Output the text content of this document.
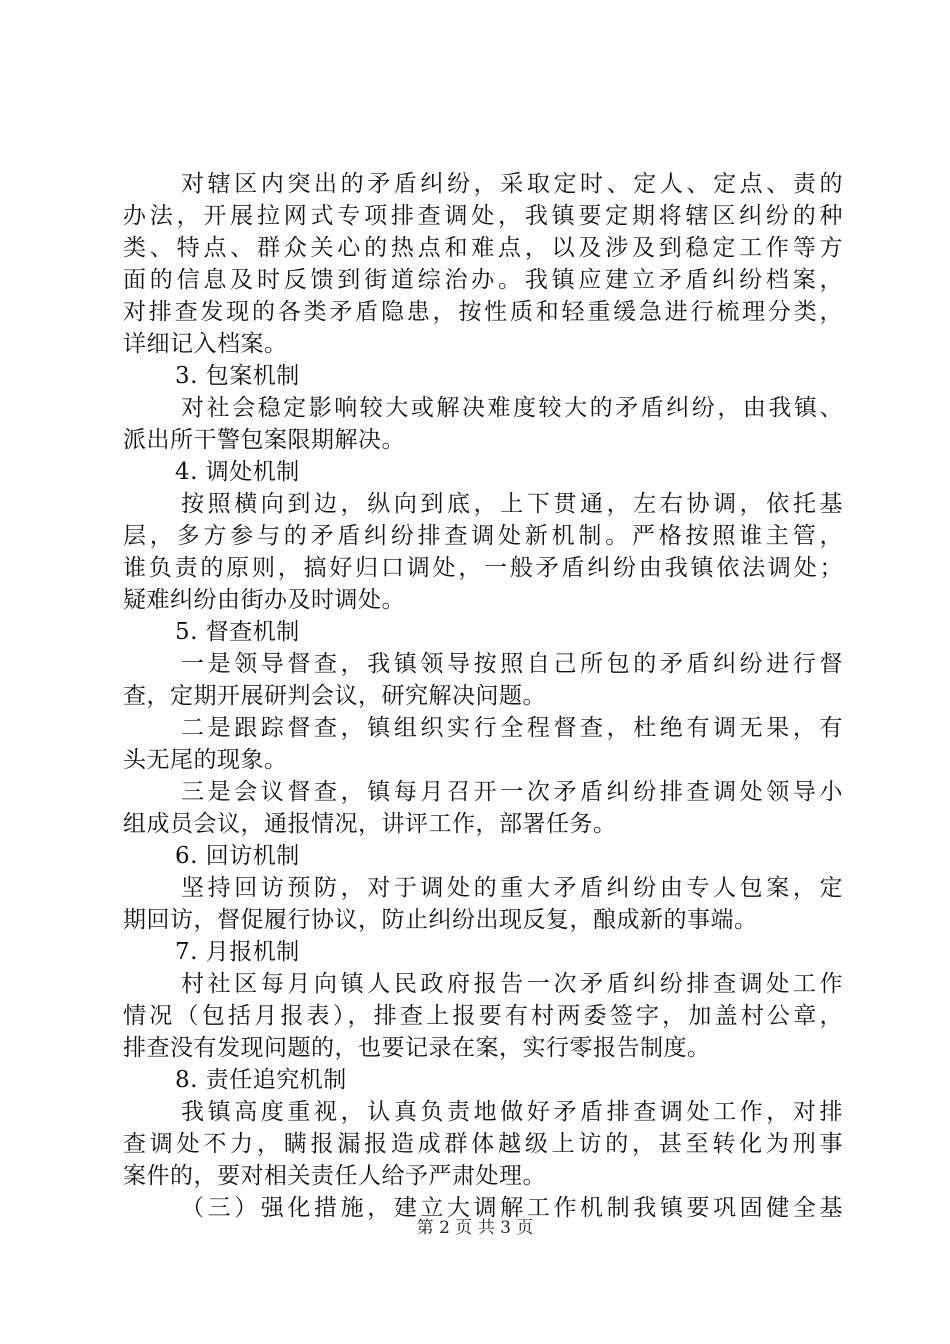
对辖区内突出的矛盾纠纷，采取定时、定人、定点、责的
办法，开展拉网式专项排查调处，我镇要定期将辖区纠纷的种
类、特点、群众关心的热点和难点，以及涉及到稳定工作等方
面的信息及时反馈到街道综治办。我镇应建立矛盾纠纷档案，
对排查发现的各类矛盾隐患，按性质和轻重缓急进行梳理分类，
详细记入档案。
3. 包案机制
对社会稳定影响较大或解决难度较大的矛盾纠纷，由我镇、
派出所干警包案限期解决。
4. 调处机制
按照横向到边，纵向到底，上下贯通，左右协调，依托基
层，多方参与的矛盾纠纷排查调处新机制。严格按照谁主管，
谁负责的原则，搞好归口调处，一般矛盾纠纷由我镇依法调处；
疑难纠纷由街办及时调处。
5. 督查机制
一是领导督查，我镇领导按照自己所包的矛盾纠纷进行督
查，定期开展研判会议，研究解决问题。
二是跟踪督查，镇组织实行全程督查，杜绝有调无果，有
头无尾的现象。
三是会议督查，镇每月召开一次矛盾纠纷排查调处领导小
组成员会议，通报情况，讲评工作，部署任务。
6. 回访机制
坚持回访预防，对于调处的重大矛盾纠纷由专人包案，定
期回访，督促履行协议，防止纠纷出现反复，酿成新的事端。
7. 月报机制
村社区每月向镇人民政府报告一次矛盾纠纷排查调处工作
情况（包括月报表），排查上报要有村两委签字，加盖村公章，
排查没有发现问题的，也要记录在案，实行零报告制度。
8. 责任追究机制
我镇高度重视，认真负责地做好矛盾排查调处工作，对排
查调处不力，瞒报漏报造成群体越级上访的，甚至转化为刑事
案件的，要对相关责任人给予严肃处理。
（三）强化措施，建立大调解工作机制我镇要巩固健全基
第 2 页 共 3 页
